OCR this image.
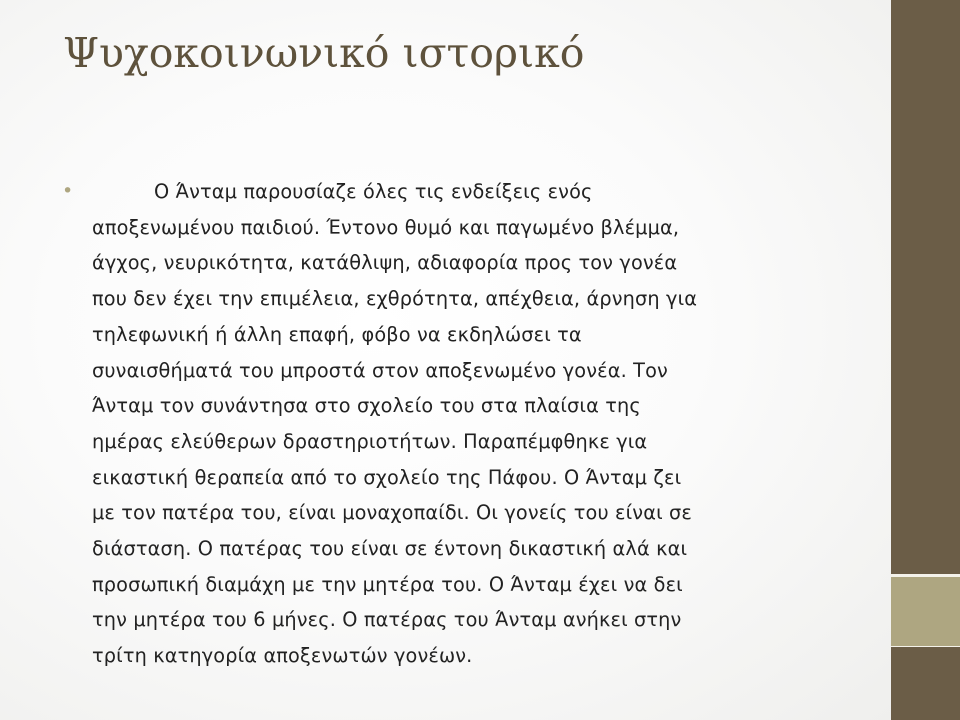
Ψυχοκοινωνικό ιστορικό
•	Ο Άνταμ παρουσίαζε όλες τις ενδείξεις ενός
αποξενωμένου παιδιού. Έντονο θυμό και παγωμένο βλέμμα,
άγχος, νευρικότητα, κατάθλιψη, αδιαφορία προς τον γονέα
που δεν έχει την επιμέλεια, εχθρότητα, απέχθεια, άρνηση για
τηλεφωνική ή άλλη επαφή, φόβο να εκδηλώσει τα
συναισθήματά του μπροστά στον αποξενωμένο γονέα. Τον
Άνταμ τον συνάντησα στο σχολείο του στα πλαίσια της
ημέρας ελεύθερων δραστηριοτήτων. Παραπέμφθηκε για
εικαστική θεραπεία από το σχολείο της Πάφου. Ο Άνταμ ζει
με τον πατέρα του, είναι μοναχοπαίδι. Οι γονείς του είναι σε
διάσταση. Ο πατέρας του είναι σε έντονη δικαστική αλά και
προσωπική διαμάχη με την μητέρα του. Ο Άνταμ έχει να δει
την μητέρα του 6 μήνες. Ο πατέρας του Άνταμ ανήκει στην
τρίτη κατηγορία αποξενωτών γονέων.
